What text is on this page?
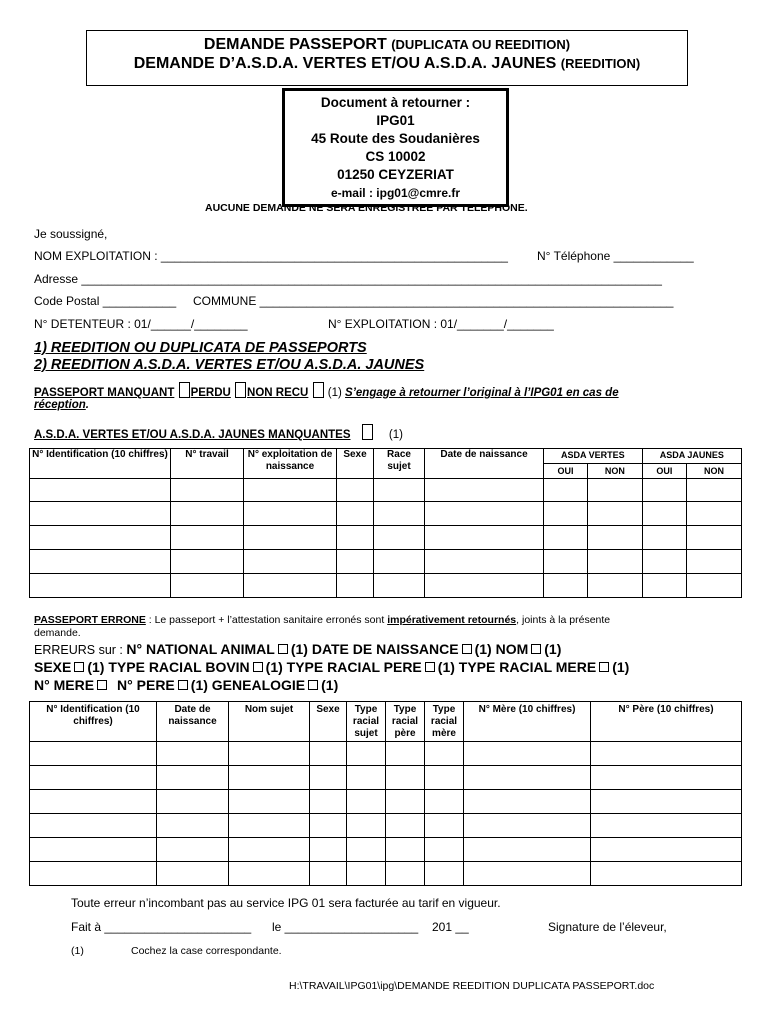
DEMANDE PASSEPORT (DUPLICATA OU REEDITION)
DEMANDE D’A.S.D.A. VERTES ET/OU A.S.D.A. JAUNES (REEDITION)
Document à retourner :
IPG01
45 Route des Soudanières
CS 10002
01250 CEYZERIAT
e-mail : ipg01@cmre.fr
AUCUNE DEMANDE NE SERA ENREGISTREE PAR TELEPHONE.
Je soussigné,
NOM EXPLOITATION : ____________________________________________________ N° Téléphone ____________
Adresse _______________________________________________________________________________________
Code Postal ___________ COMMUNE ______________________________________________________________
N° DETENTEUR : 01/______/________	N° EXPLOITATION : 01/_______/_______
1) REEDITION OU DUPLICATA DE PASSEPORTS
2) REEDITION A.S.D.A. VERTES ET/OU A.S.D.A. JAUNES
PASSEPORT MANQUANT PERDU NON RECU (1) S’engage à retourner l’original à l’IPG01 en cas de
réception.
A.S.D.A. VERTES ET/OU A.S.D.A. JAUNES MANQUANTES	(1)
N° Identification (10 chiffres)	N° travail	N° exploitation de naissance	Sexe	Race sujet	Date de naissance	ASDA VERTES		ASDA JAUNES	
						OUI	NON	OUI	NON

PASSEPORT ERRONE : Le passeport + l’attestation sanitaire erronés sont impérativement retournés, joints à la présente
demande.
ERREURS sur : N° NATIONAL ANIMAL (1) DATE DE NAISSANCE (1) NOM (1)
SEXE (1) TYPE RACIAL BOVIN (1) TYPE RACIAL PERE (1) TYPE RACIAL MERE (1)
N° MERE N° PERE (1) GENEALOGIE (1)
N° Identification (10 chiffres)	Date de naissance	Nom sujet	Sexe	Type racial sujet	Type racial père	Type racial mère	N° Mère (10 chiffres)	N° Père (10 chiffres)

Toute erreur n’incombant pas au service IPG 01 sera facturée au tarif en vigueur.
Fait à ______________________ le ____________________ 201 __	Signature de l’éleveur,
(1)	Cochez la case correspondante.
H:\TRAVAIL\IPG01\ipg\DEMANDE REEDITION DUPLICATA PASSEPORT.doc
